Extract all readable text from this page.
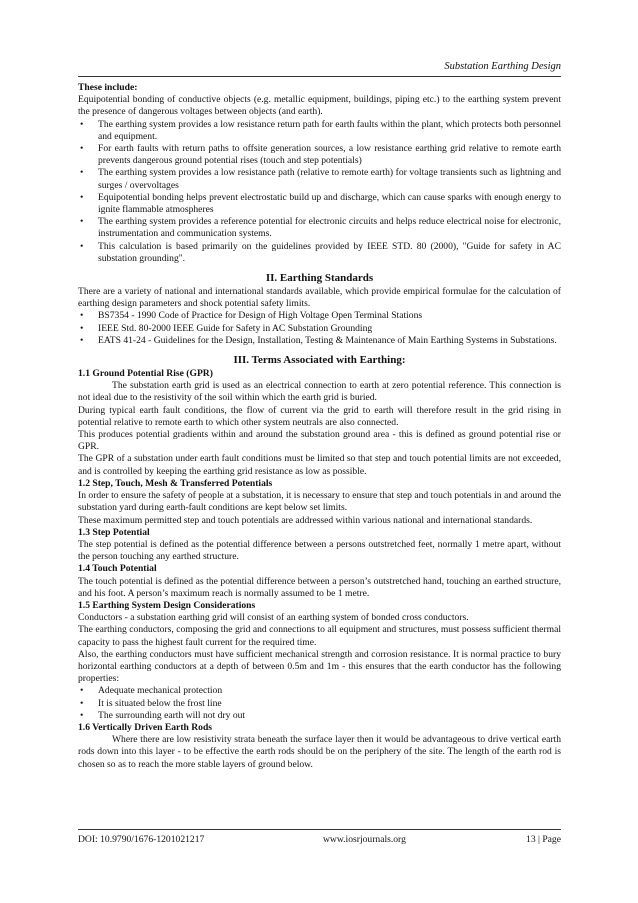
Substation Earthing Design

These include:

Equipotential bonding of conductive objects (e.g. metallic equipment, buildings, piping etc.) to the earthing system prevent the presence of dangerous voltages between objects (and earth).

• The earthing system provides a low resistance return path for earth faults within the plant, which protects both personnel and equipment.
• For earth faults with return paths to offsite generation sources, a low resistance earthing grid relative to remote earth prevents dangerous ground potential rises (touch and step potentials)
• The earthing system provides a low resistance path (relative to remote earth) for voltage transients such as lightning and surges / overvoltages
• Equipotential bonding helps prevent electrostatic build up and discharge, which can cause sparks with enough energy to ignite flammable atmospheres
• The earthing system provides a reference potential for electronic circuits and helps reduce electrical noise for electronic, instrumentation and communication systems.
• This calculation is based primarily on the guidelines provided by IEEE STD. 80 (2000), "Guide for safety in AC substation grounding".
II. Earthing Standards

There are a variety of national and international standards available, which provide empirical formulae for the calculation of earthing design parameters and shock potential safety limits.

• BS7354 - 1990 Code of Practice for Design of High Voltage Open Terminal Stations
• IEEE Std. 80-2000 IEEE Guide for Safety in AC Substation Grounding
• EATS 41-24 - Guidelines for the Design, Installation, Testing & Maintenance of Main Earthing Systems in Substations.
III. Terms Associated with Earthing:

1.1 Ground Potential Rise (GPR)

The substation earth grid is used as an electrical connection to earth at zero potential reference. This connection is not ideal due to the resistivity of the soil within which the earth grid is buried.

During typical earth fault conditions, the flow of current via the grid to earth will therefore result in the grid rising in potential relative to remote earth to which other system neutrals are also connected.

This produces potential gradients within and around the substation ground area - this is defined as ground potential rise or GPR.

The GPR of a substation under earth fault conditions must be limited so that step and touch potential limits are not exceeded, and is controlled by keeping the earthing grid resistance as low as possible.

1.2 Step, Touch, Mesh & Transferred Potentials

In order to ensure the safety of people at a substation, it is necessary to ensure that step and touch potentials in and around the substation yard during earth-fault conditions are kept below set limits.

These maximum permitted step and touch potentials are addressed within various national and international standards.

1.3 Step Potential

The step potential is defined as the potential difference between a persons outstretched feet, normally 1 metre apart, without the person touching any earthed structure.

1.4 Touch Potential

The touch potential is defined as the potential difference between a person’s outstretched hand, touching an earthed structure, and his foot. A person’s maximum reach is normally assumed to be 1 metre.

1.5 Earthing System Design Considerations

Conductors - a substation earthing grid will consist of an earthing system of bonded cross conductors.

The earthing conductors, composing the grid and connections to all equipment and structures, must possess sufficient thermal capacity to pass the highest fault current for the required time.

Also, the earthing conductors must have sufficient mechanical strength and corrosion resistance. It is normal practice to bury horizontal earthing conductors at a depth of between 0.5m and 1m - this ensures that the earth conductor has the following properties:

• Adequate mechanical protection
• It is situated below the frost line
• The surrounding earth will not dry out

1.6 Vertically Driven Earth Rods

Where there are low resistivity strata beneath the surface layer then it would be advantageous to drive vertical earth rods down into this layer - to be effective the earth rods should be on the periphery of the site. The length of the earth rod is chosen so as to reach the more stable layers of ground below.

DOI: 10.9790/1676-1201021217	www.iosrjournals.org	13 | Page
